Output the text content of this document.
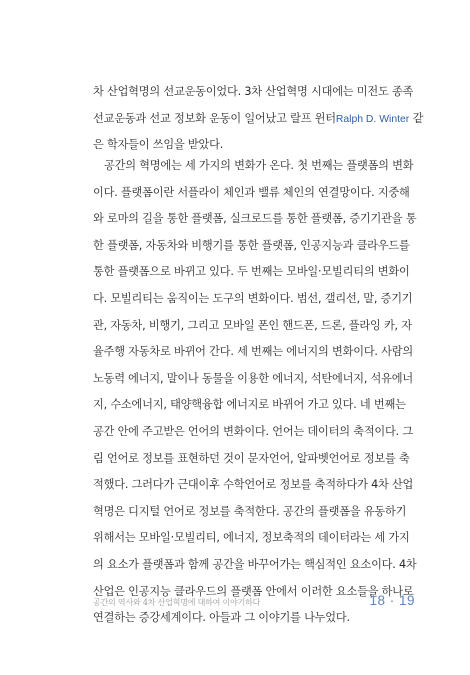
차 산업혁명의 선교운동이었다. 3차 산업혁명 시대에는 미전도 종족
선교운동과 선교 정보화 운동이 일어났고 랄프 윈터Ralph D. Winter 같
은 학자들이 쓰임을 받았다.
공간의 혁명에는 세 가지의 변화가 온다. 첫 번째는 플랫폼의 변화
이다. 플랫폼이란 서플라이 체인과 밸류 체인의 연결망이다. 지중해
와 로마의 길을 통한 플랫폼, 실크로드를 통한 플랫폼, 증기기관을 통
한 플랫폼, 자동차와 비행기를 통한 플랫폼, 인공지능과 클라우드를
통한 플랫폼으로 바뀌고 있다. 두 번째는 모바일·모빌리티의 변화이
다. 모빌리티는 움직이는 도구의 변화이다. 범선, 갤리선, 말, 증기기
관, 자동차, 비행기, 그리고 모바일 폰인 핸드폰, 드론, 플라잉 카, 자
율주행 자동차로 바뀌어 간다. 세 번째는 에너지의 변화이다. 사람의
노동력 에너지, 말이나 동물을 이용한 에너지, 석탄에너지, 석유에너
지, 수소에너지, 태양핵융합 에너지로 바뀌어 가고 있다. 네 번째는
공간 안에 주고받은 언어의 변화이다. 언어는 데이터의 축적이다. 그
림 언어로 정보를 표현하던 것이 문자언어, 알파벳언어로 정보를 축
적했다. 그러다가 근대이후 수학언어로 정보를 축적하다가 4차 산업
혁명은 디지털 언어로 정보를 축적한다. 공간의 플랫폼을 유동하기
위해서는 모바일·모빌리티, 에너지, 정보축적의 데이터라는 세 가지
의 요소가 플랫폼과 함께 공간을 바꾸어가는 핵심적인 요소이다. 4차
산업은 인공지능 클라우드의 플랫폼 안에서 이러한 요소들을 하나로
연결하는 증강세계이다. 아들과 그 이야기를 나누었다.
공간의 역사와 4차 산업혁명에 대하여 이야기하다	18 · 19
